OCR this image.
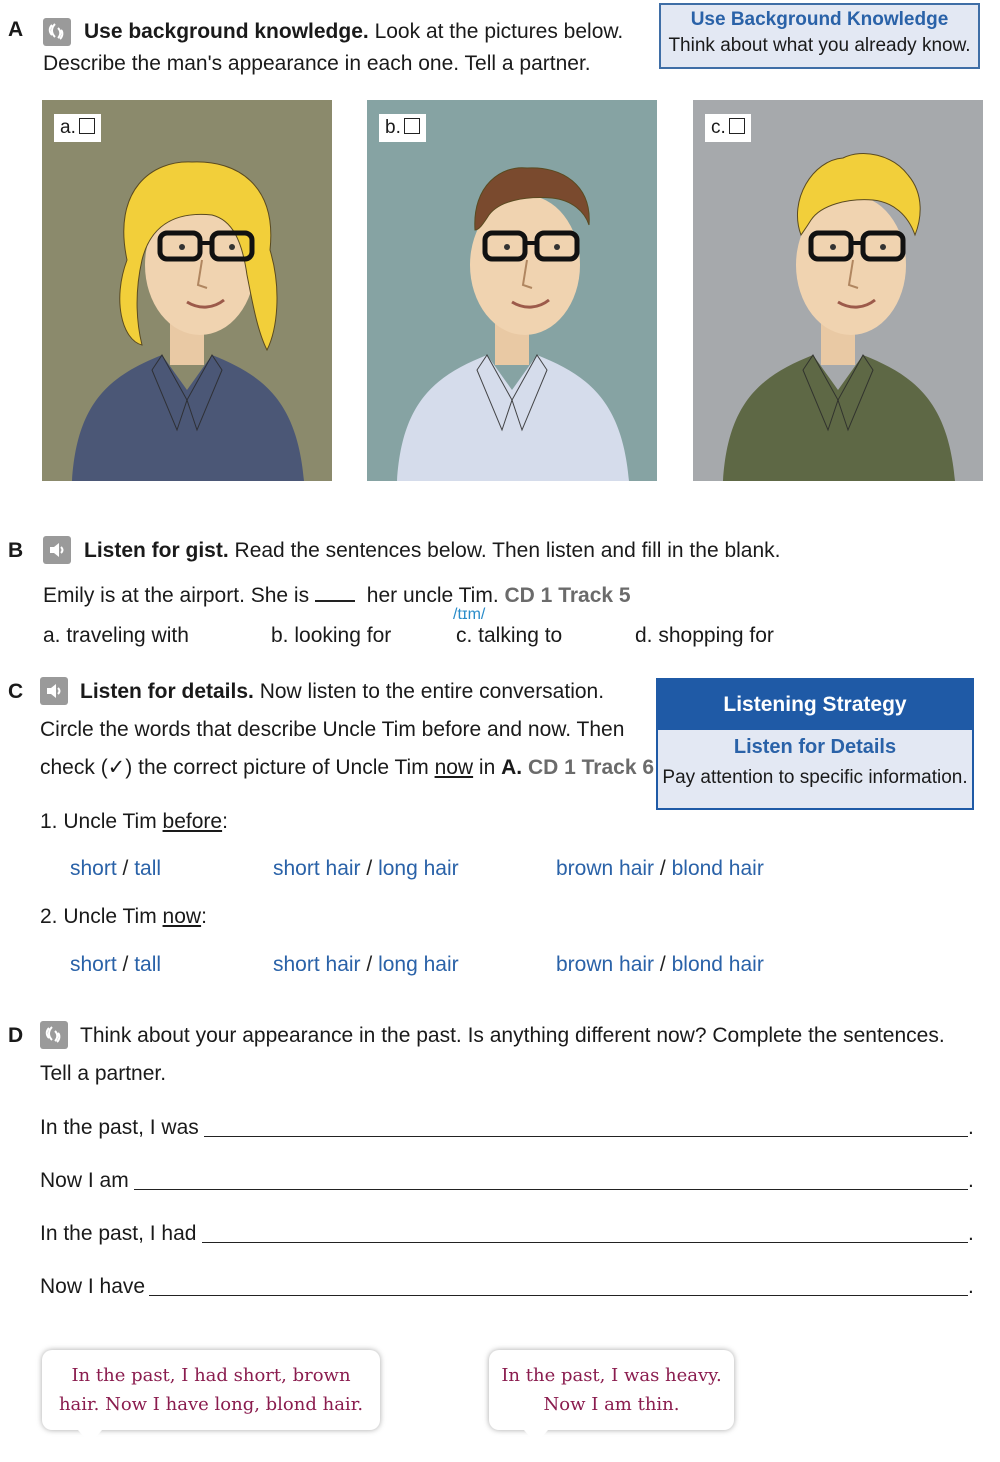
A	Use background knowledge. Look at the pictures below.
Describe the man's appearance in each one. Tell a partner.
Use Background Knowledge
Think about what you already know.
a.	b.	c.
B	Listen for gist. Read the sentences below. Then listen and fill in the blank.
Emily is at the airport. She is  her uncle Tim. CD 1 Track 5
/tɪm/
a. traveling with	b. looking for	c. talking to	d. shopping for
C	Listen for details. Now listen to the entire conversation.
Circle the words that describe Uncle Tim before and now. Then
check (✓) the correct picture of Uncle Tim now in A. CD 1 Track 6
Listening Strategy
Listen for Details
Pay attention to specific information.
1. Uncle Tim before:
short / tall	short hair / long hair	brown hair / blond hair
2. Uncle Tim now:
short / tall	short hair / long hair	brown hair / blond hair
D	Think about your appearance in the past. Is anything different now? Complete the sentences.
Tell a partner.
In the past, I was	.
Now I am	.
In the past, I had	.
Now I have	.
In the past, I had short, brown
hair. Now I have long, blond hair.
In the past, I was heavy.
Now I am thin.
